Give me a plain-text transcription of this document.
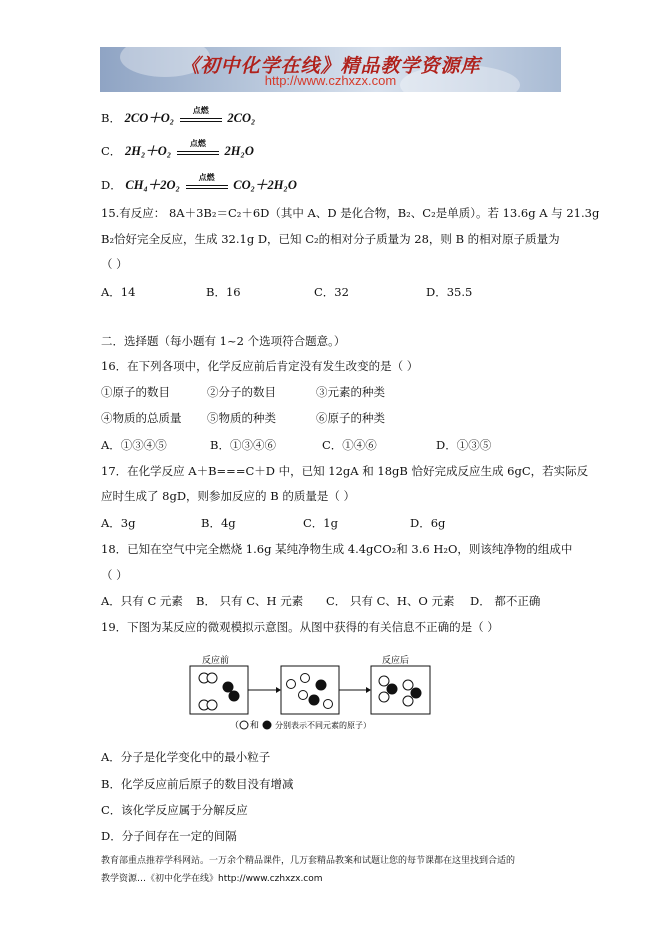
《初中化学在线》精品教学资源库
http://www.czhxzx.com
B． 2CO＋O₂
点燃
2CO₂
C． 2H₂＋O₂
点燃
2H₂O
D． CH₄＋2O₂
点燃
CO₂＋2H₂O
15.有反应： 8A＋3B₂＝C₂＋6D（其中 A、D 是化合物，B₂、C₂是单质）。若 13.6g A 与 21.3g
B₂恰好完全反应，生成 32.1g D，已知 C₂的相对分子质量为 28，则 B 的相对原子质量为
（ ）
A．14	B．16	C．32	D．35.5
二．选择题（每小题有 1~2 个选项符合题意。）
16．在下列各项中，化学反应前后肯定没有发生改变的是（ ）
①原子的数目	②分子的数目	③元素的种类
④物质的总质量 ⑤物质的种类	⑥原子的种类
A．①③④⑤	B．①③④⑥	C．①④⑥	D．①③⑤
17．在化学反应 A＋B===C＋D 中，已知 12gA 和 18gB 恰好完成反应生成 6gC，若实际反
应时生成了 8gD，则参加反应的 B 的质量是（ ）
A．3g	B．4g	C．1g	D．6g
18．已知在空气中完全燃烧 1.6g 某纯净物生成 4.4gCO₂和 3.6 H₂O，则该纯净物的组成中
（ ）
A．只有 C 元素 B． 只有 C、H 元素 C． 只有 C、H、O 元素 D． 都不正确
19．下图为某反应的微观模拟示意图。从图中获得的有关信息不正确的是（ ）
反应前	反应后
（ 和 分别表示不同元素的原子）
A．分子是化学变化中的最小粒子
B．化学反应前后原子的数目没有增减
C．该化学反应属于分解反应
D．分子间存在一定的间隔
教育部重点推荐学科网站。一万余个精品课件，几万套精品教案和试题让您的每节课都在这里找到合适的
教学资源…《初中化学在线》http://www.czhxzx.com
